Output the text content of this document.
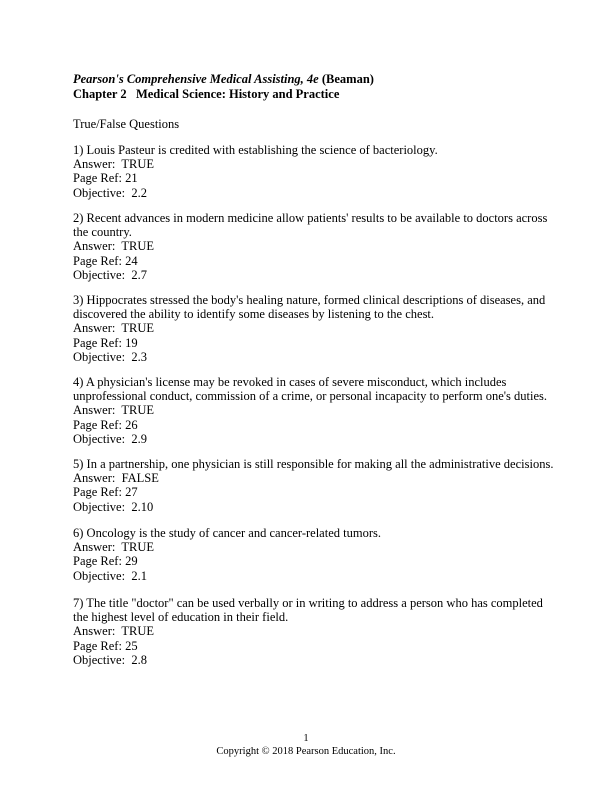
Pearson's Comprehensive Medical Assisting, 4e (Beaman)
Chapter 2   Medical Science: History and Practice
True/False Questions
1) Louis Pasteur is credited with establishing the science of bacteriology.
Answer:  TRUE
Page Ref: 21
Objective:  2.2
2) Recent advances in modern medicine allow patients' results to be available to doctors across
the country.
Answer:  TRUE
Page Ref: 24
Objective:  2.7
3) Hippocrates stressed the body's healing nature, formed clinical descriptions of diseases, and
discovered the ability to identify some diseases by listening to the chest.
Answer:  TRUE
Page Ref: 19
Objective:  2.3
4) A physician's license may be revoked in cases of severe misconduct, which includes
unprofessional conduct, commission of a crime, or personal incapacity to perform one's duties.
Answer:  TRUE
Page Ref: 26
Objective:  2.9
5) In a partnership, one physician is still responsible for making all the administrative decisions.
Answer:  FALSE
Page Ref: 27
Objective:  2.10
6) Oncology is the study of cancer and cancer-related tumors.
Answer:  TRUE
Page Ref: 29
Objective:  2.1
7) The title "doctor" can be used verbally or in writing to address a person who has completed
the highest level of education in their field.
Answer:  TRUE
Page Ref: 25
Objective:  2.8
1
Copyright © 2018 Pearson Education, Inc.
